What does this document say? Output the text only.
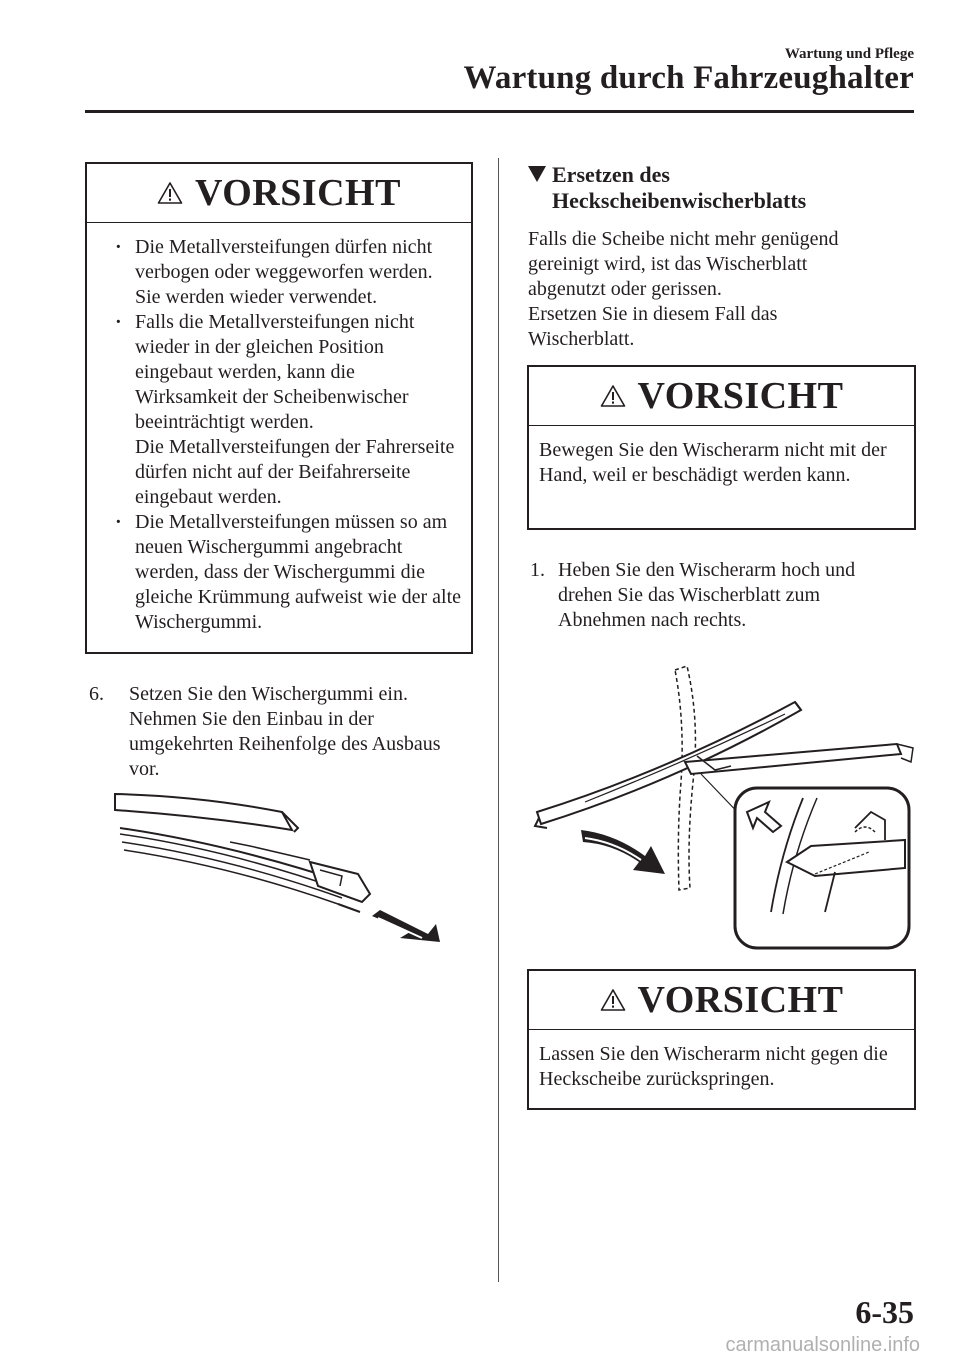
Wartung und Pflege
Wartung durch Fahrzeughalter
VORSICHT
· Die Metallversteifungen dürfen nicht verbogen oder weggeworfen werden. Sie werden wieder verwendet.
· Falls die Metallversteifungen nicht wieder in der gleichen Position eingebaut werden, kann die Wirksamkeit der Scheibenwischer beeinträchtigt werden.
Die Metallversteifungen der Fahrerseite dürfen nicht auf der Beifahrerseite eingebaut werden.
· Die Metallversteifungen müssen so am neuen Wischergummi angebracht werden, dass der Wischergummi die gleiche Krümmung aufweist wie der alte Wischergummi.
6.	Setzen Sie den Wischergummi ein. Nehmen Sie den Einbau in der umgekehrten Reihenfolge des Ausbaus vor.
Ersetzen des Heckscheibenwischerblatts
Falls die Scheibe nicht mehr genügend gereinigt wird, ist das Wischerblatt abgenutzt oder gerissen.
Ersetzen Sie in diesem Fall das Wischerblatt.
VORSICHT
Bewegen Sie den Wischerarm nicht mit der Hand, weil er beschädigt werden kann.
1. Heben Sie den Wischerarm hoch und drehen Sie das Wischerblatt zum Abnehmen nach rechts.
VORSICHT
Lassen Sie den Wischerarm nicht gegen die Heckscheibe zurückspringen.
6-35
carmanualsonline.info
